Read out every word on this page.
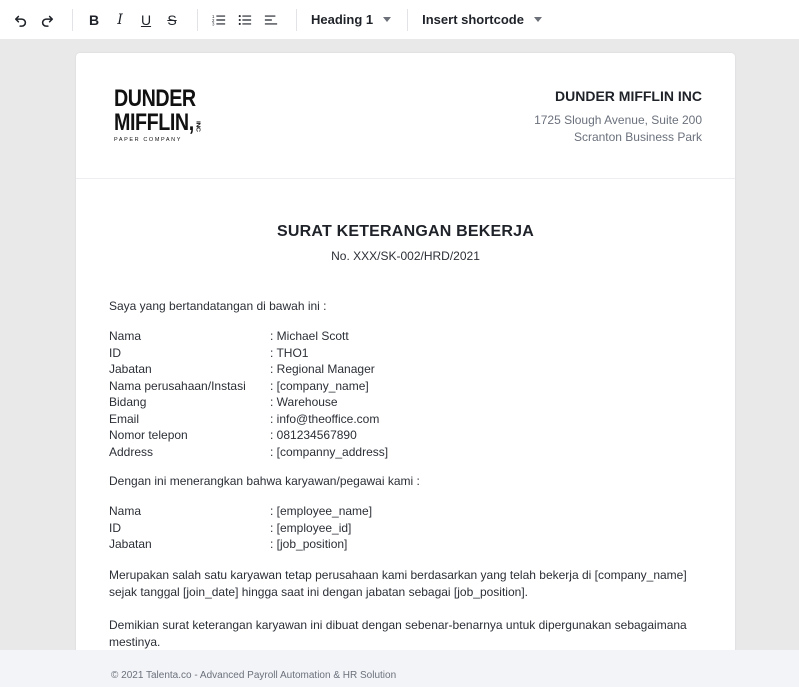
B	I	U	S	1
2
3	Heading 1	Insert shortcode
DUNDER
MIFFLIN, INC
PAPER COMPANY
DUNDER MIFFLIN INC
1725 Slough Avenue, Suite 200
Scranton Business Park
SURAT KETERANGAN BEKERJA
No. XXX/SK-002/HRD/2021
Saya yang bertandatangan di bawah ini :
Nama	: Michael Scott
ID	: THO1
Jabatan	: Regional Manager
Nama perusahaan/Instasi	: [company_name]
Bidang	: Warehouse
Email	: info@theoffice.com
Nomor telepon	: 081234567890
Address	: [companny_address]
Dengan ini menerangkan bahwa karyawan/pegawai kami :
Nama	: [employee_name]
ID	: [employee_id]
Jabatan	: [job_position]
Merupakan salah satu karyawan tetap perusahaan kami berdasarkan yang telah bekerja di [company_name] sejak tanggal [join_date] hingga saat ini dengan jabatan sebagai [job_position].
Demikian surat keterangan karyawan ini dibuat dengan sebenar-benarnya untuk dipergunakan sebagaimana mestinya.
© 2021 Talenta.co - Advanced Payroll Automation & HR Solution
